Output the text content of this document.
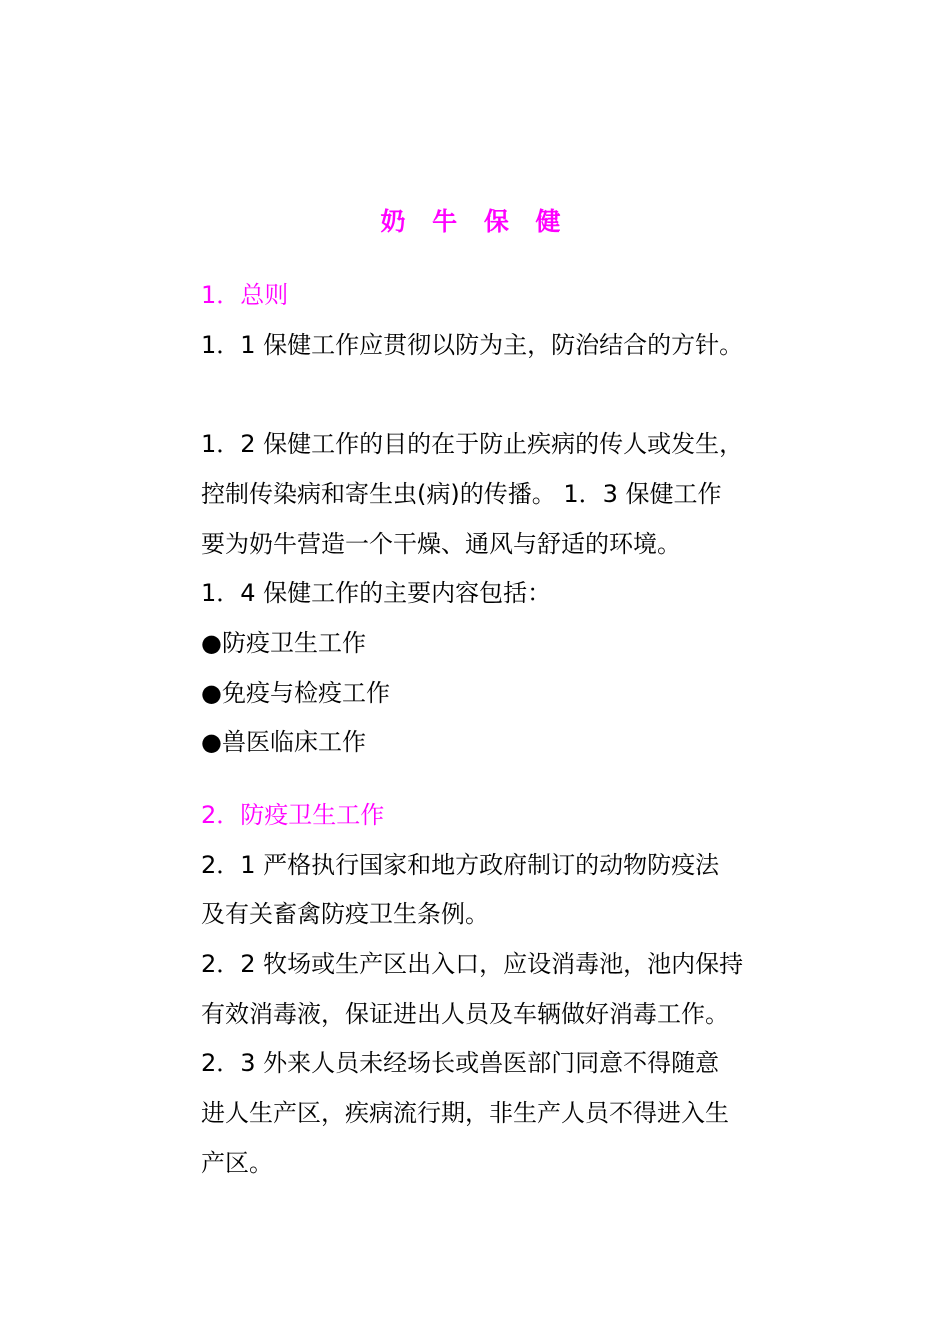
奶 牛 保 健
1．总则
1．1 保健工作应贯彻以防为主，防治结合的方针。
1．2 保健工作的目的在于防止疾病的传人或发生，
控制传染病和寄生虫(病)的传播。 1．3 保健工作
要为奶牛营造一个干燥、通风与舒适的环境。
1．4 保健工作的主要内容包括：
●防疫卫生工作
●免疫与检疫工作
●兽医临床工作
2．防疫卫生工作
2．1 严格执行国家和地方政府制订的动物防疫法
及有关畜禽防疫卫生条例。
2．2 牧场或生产区出入口，应设消毒池，池内保持
有效消毒液，保证进出人员及车辆做好消毒工作。
2．3 外来人员未经场长或兽医部门同意不得随意
进人生产区，疾病流行期，非生产人员不得进入生
产区。
